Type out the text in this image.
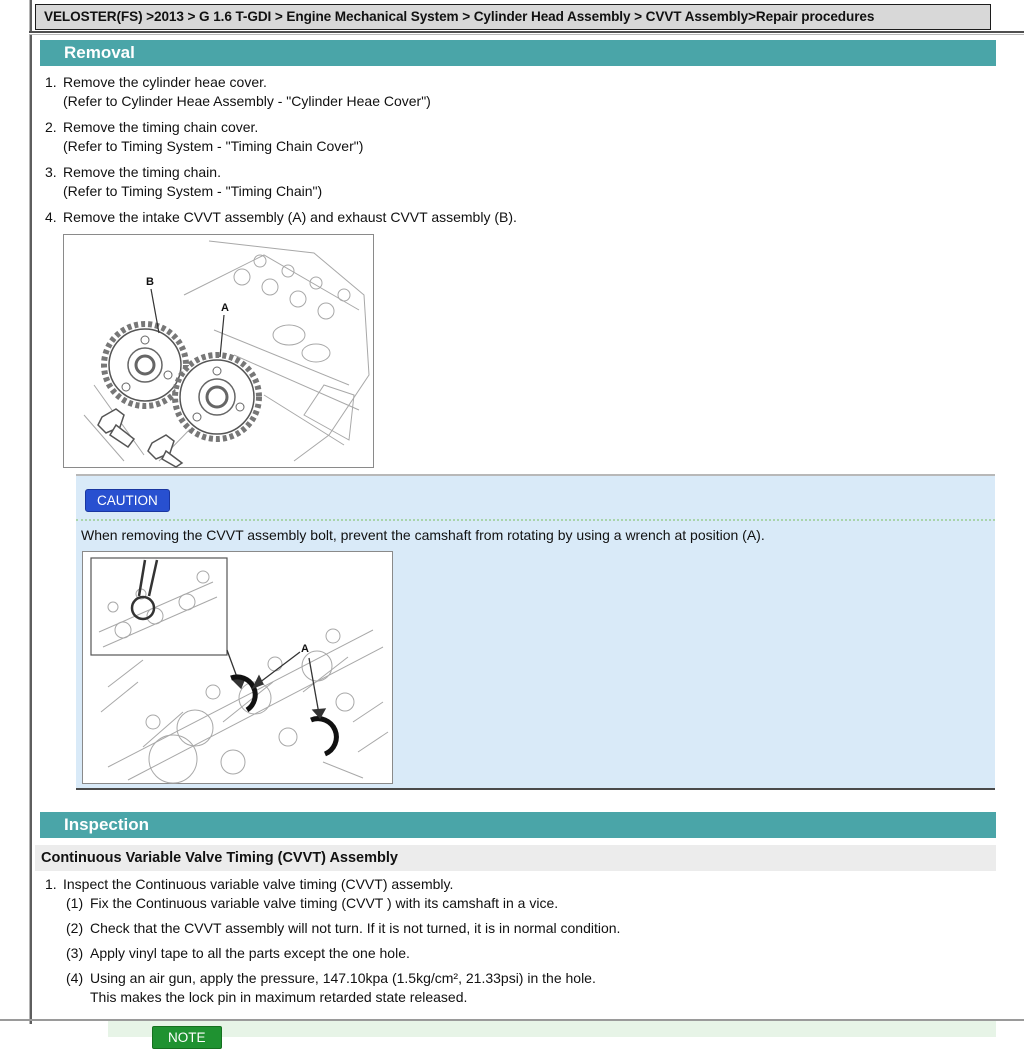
VELOSTER(FS) >2013 > G 1.6 T-GDI > Engine Mechanical System > Cylinder Head Assembly > CVVT Assembly>Repair procedures
Removal
1. Remove the cylinder heae cover.
(Refer to Cylinder Heae Assembly - "Cylinder Heae Cover")
2. Remove the timing chain cover.
(Refer to Timing System - "Timing Chain Cover")
3. Remove the timing chain.
(Refer to Timing System - "Timing Chain")
4. Remove the intake CVVT assembly (A) and exhaust CVVT assembly (B).
B
A
CAUTION
When removing the CVVT assembly bolt, prevent the camshaft from rotating by using a wrench at position (A).
A
Inspection
Continuous Variable Valve Timing (CVVT) Assembly
1. Inspect the Continuous variable valve timing (CVVT) assembly.
(1) Fix the Continuous variable valve timing (CVVT ) with its camshaft in a vice.
(2) Check that the CVVT assembly will not turn. If it is not turned, it is in normal condition.
(3) Apply vinyl tape to all the parts except the one hole.
(4) Using an air gun, apply the pressure, 147.10kpa (1.5kg/cm², 21.33psi) in the hole.
This makes the lock pin in maximum retarded state released.
NOTE
